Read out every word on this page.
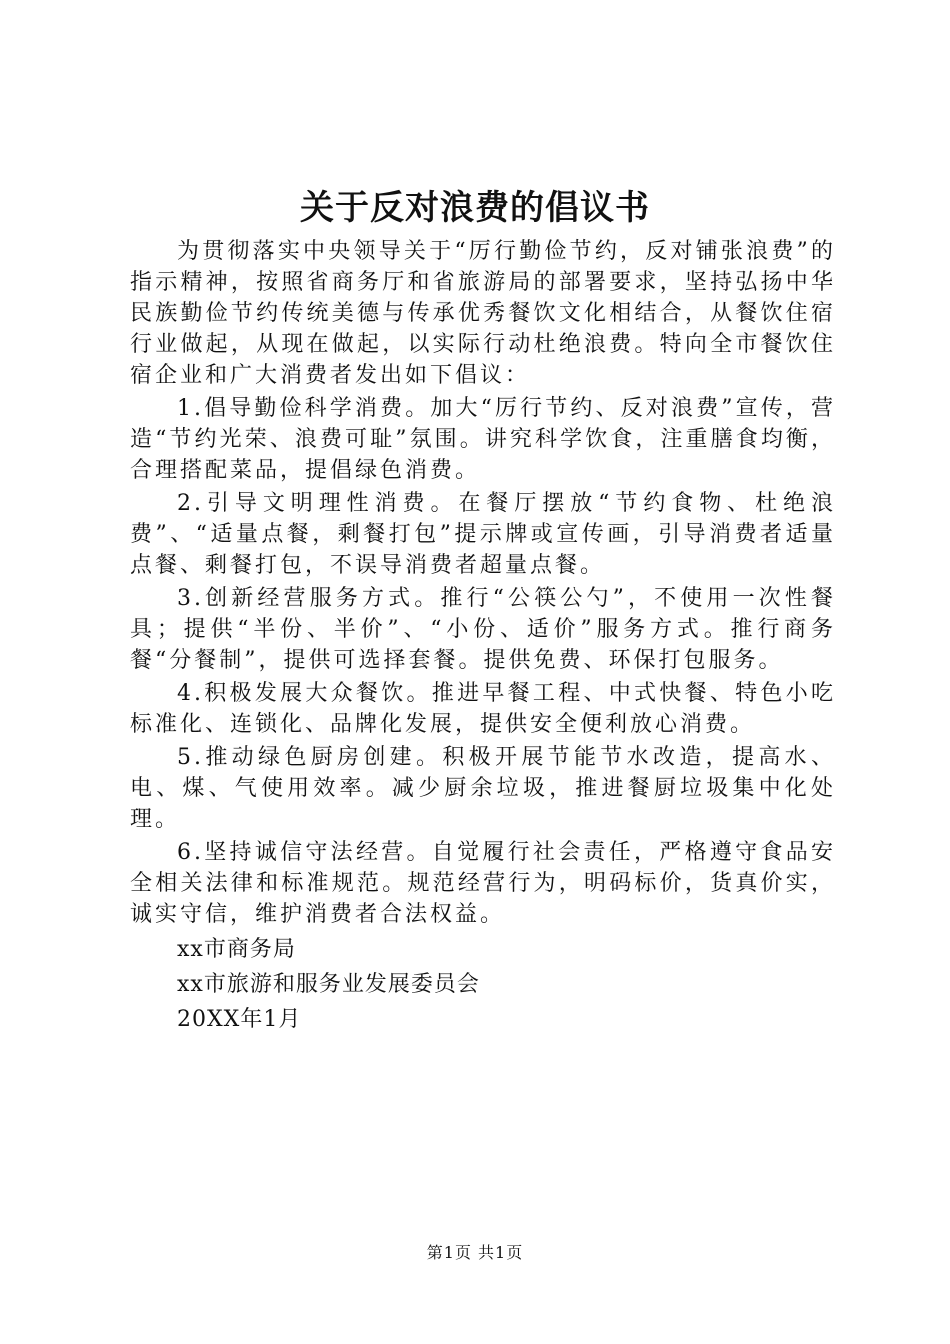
关于反对浪费的倡议书

为贯彻落实中央领导关于“厉行勤俭节约，反对铺张浪费”的指示精神，按照省商务厅和省旅游局的部署要求，坚持弘扬中华民族勤俭节约传统美德与传承优秀餐饮文化相结合，从餐饮住宿行业做起，从现在做起，以实际行动杜绝浪费。特向全市餐饮住宿企业和广大消费者发出如下倡议：

1.倡导勤俭科学消费。加大“厉行节约、反对浪费”宣传，营造“节约光荣、浪费可耻”氛围。讲究科学饮食，注重膳食均衡，合理搭配菜品，提倡绿色消费。

2.引导文明理性消费。在餐厅摆放“节约食物、杜绝浪费”、“适量点餐，剩餐打包”提示牌或宣传画，引导消费者适量点餐、剩餐打包，不误导消费者超量点餐。

3.创新经营服务方式。推行“公筷公勺”，不使用一次性餐具；提供“半份、半价”、“小份、适价”服务方式。推行商务餐“分餐制”，提供可选择套餐。提供免费、环保打包服务。

4.积极发展大众餐饮。推进早餐工程、中式快餐、特色小吃标准化、连锁化、品牌化发展，提供安全便利放心消费。

5.推动绿色厨房创建。积极开展节能节水改造，提高水、电、煤、气使用效率。减少厨余垃圾，推进餐厨垃圾集中化处理。

6.坚持诚信守法经营。自觉履行社会责任，严格遵守食品安全相关法律和标准规范。规范经营行为，明码标价，货真价实，诚实守信，维护消费者合法权益。

xx市商务局

xx市旅游和服务业发展委员会

20XX年1月

第1页 共1页
